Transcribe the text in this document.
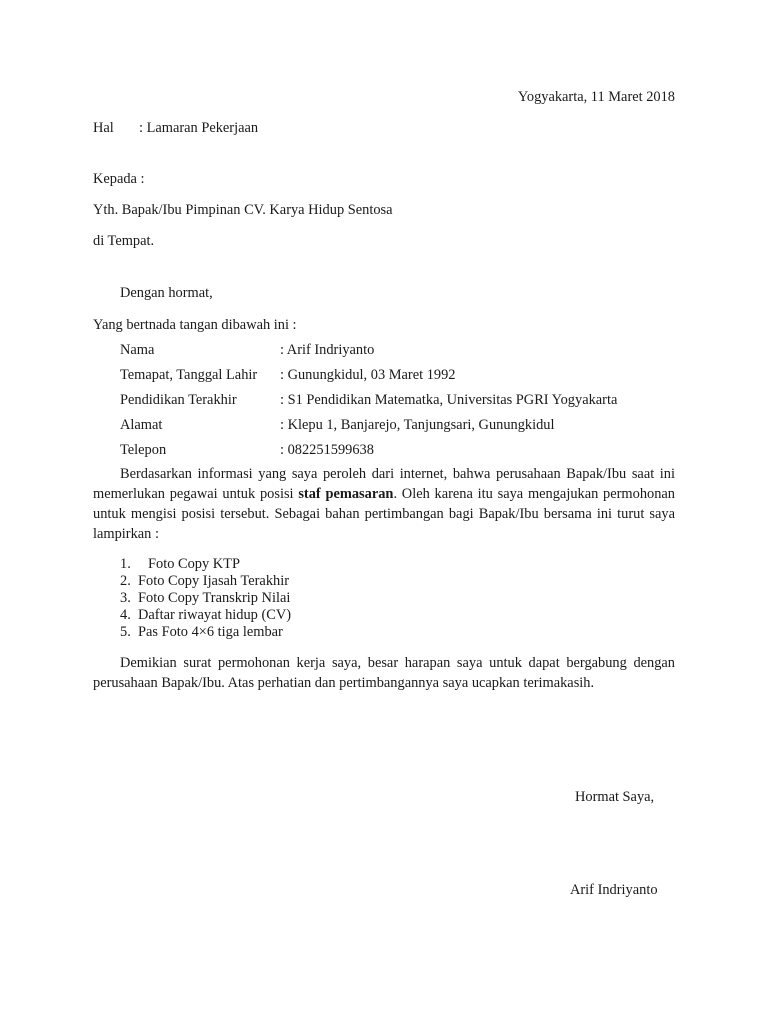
Yogyakarta, 11 Maret 2018
Hal : Lamaran Pekerjaan
Kepada :
Yth. Bapak/Ibu Pimpinan CV. Karya Hidup Sentosa
di Tempat.
Dengan hormat,
Yang bertnada tangan dibawah ini :
Nama	: Arif Indriyanto
Temapat, Tanggal Lahir : Gunungkidul, 03 Maret 1992
Pendidikan Terakhir	: S1 Pendidikan Matematka, Universitas PGRI Yogyakarta
Alamat	: Klepu 1, Banjarejo, Tanjungsari, Gunungkidul
Telepon	: 082251599638

Berdasarkan informasi yang saya peroleh dari internet, bahwa perusahaan Bapak/Ibu saat ini memerlukan pegawai untuk posisi staf pemasaran. Oleh karena itu saya mengajukan permohonan untuk mengisi posisi tersebut. Sebagai bahan pertimbangan bagi Bapak/Ibu bersama ini turut saya lampirkan :

1. Foto Copy KTP
2. Foto Copy Ijasah Terakhir
3. Foto Copy Transkrip Nilai
4. Daftar riwayat hidup (CV)
5. Pas Foto 4×6 tiga lembar

Demikian surat permohonan kerja saya, besar harapan saya untuk dapat bergabung dengan perusahaan Bapak/Ibu. Atas perhatian dan pertimbangannya saya ucapkan terimakasih.

Hormat Saya,
Arif Indriyanto
